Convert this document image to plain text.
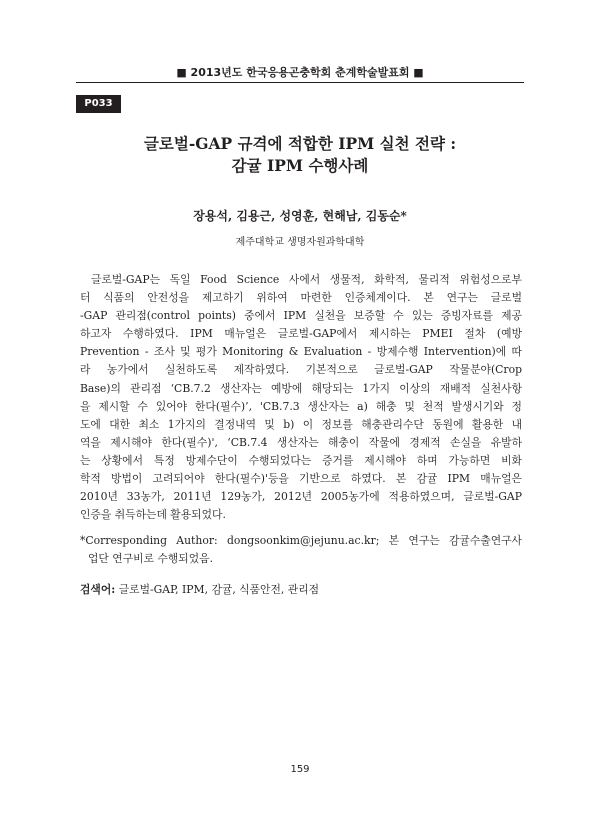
■ 2013년도 한국응용곤충학회 춘계학술발표회 ■
P033
글로벌-GAP 규격에 적합한 IPM 실천 전략 :
감귤 IPM 수행사례
장용석, 김용근, 성영훈, 현해남, 김동순*
제주대학교 생명자원과학대학
글로벌-GAP는 독일 Food Science 사에서 생물적, 화학적, 물리적 위험성으로부
터 식품의 안전성을 제고하기 위하여 마련한 인증체계이다. 본 연구는 글로벌
-GAP 관리점(control points) 중에서 IPM 실천을 보증할 수 있는 증빙자료를 제공
하고자 수행하였다. IPM 매뉴얼은 글로벌-GAP에서 제시하는 PMEI 절차 (예방
Prevention - 조사 및 평가 Monitoring & Evaluation - 방제수행 Intervention)에 따
라 농가에서 실천하도록 제작하였다. 기본적으로 글로벌-GAP 작물분야(Crop
Base)의 관리점 ‘CB.7.2 생산자는 예방에 해당되는 1가지 이상의 재배적 실천사항
을 제시할 수 있어야 한다(필수)’, 'CB.7.3 생산자는 a) 해충 및 천적 발생시기와 정
도에 대한 최소 1가지의 결정내역 및 b) 이 정보를 해충관리수단 동원에 활용한 내
역을 제시해야 한다(필수)', ‘CB.7.4 생산자는 해충이 작물에 경제적 손실을 유발하
는 상황에서 특정 방제수단이 수행되었다는 증거를 제시해야 하며 가능하면 비화
학적 방법이 고려되어야 한다(필수)'등을 기반으로 하였다. 본 감귤 IPM 매뉴얼은
2010년 33농가, 2011년 129농가, 2012년 2005농가에 적용하였으며, 글로벌-GAP
인증을 취득하는데 활용되었다.
*Corresponding Author: dongsoonkim@jejunu.ac.kr; 본 연구는 감귤수출연구사
업단 연구비로 수행되었음.
검색어: 글로벌-GAP, IPM, 감귤, 식품안전, 관리점
159
